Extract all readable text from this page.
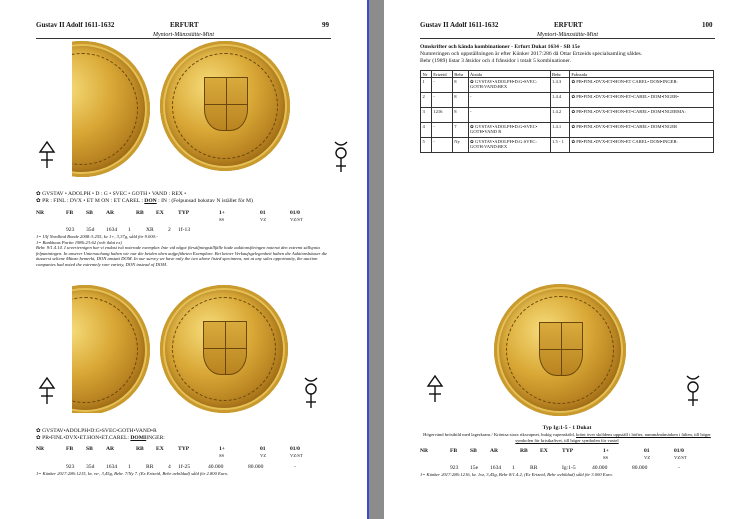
Gustav II Adolf 1611-1632	ERFURT	99
Myntort-Münzstätte-Mint
✿ GVSTAV • ADOLPH • D : G • SVEC • GOTH • VAND : REX •
✿ PR : FINL : DVX • ET M ON : ET CAREL : DON : IN : (Felpunsad bokstav N istället för M)
NR	FB SB AR	RB EX	TYP	1+	01	01/0
SS	VZ	VZ/ST
923 35d 1634 1	XR	2 1f-13
1= Ulf Nordlind Bonde 2008:3:255, kv 1+, 3,37g, såld för 9.000:-
1= Bankhaus Partin 1986:23:62 (ovb ildat ex)
Behr. 9/1.4.14. I severiernigen har vi endast två noterade exemplar. Inte vid något försäljningstillfälle hade auktionsföringen noterat den extremt sällsynta felpuntningen. In unserer Untersuchung haben wir nur die beiden oben aufgeführten Exemplare. Bei keiner Verkaufsgelegenheit haben die Auktionshäuser die äusserst seltene Münze bemerkt, DON anstatt DOM. In our survey we have only the two above listed specimens, not at any sales opportunity, the auction companies had noted the extremely rare variety, DON instead of DOM.
✿ GVSTAV•ADOLPH•D:G•SVEC•GOTH•VAND•R
✿ PR•FINL•DVX•ET.HON•ET.CAREL: DOMIINGER:
NR	FB SB AR	RB EX	TYP	1+	01	01/0
SS	VZ	VZ/ST
923 35d 1634 1	RR	4 1f-25	40.000	80.000	-
1= Künker 2017:286:1215, kv. vz-, 3,45g, Behr. 7/Ny 7. (Ex Ertzeid, Behr avbildad) såld för 2.800 Euro.
Gustav II Adolf 1611-1632	ERFURT	100
Myntort-Münzstätte-Mint
Omskrifter och kända kombinationer - Erfurt Dukat 1634 - SB 15e
Numreringen och uppställningen är efter Künker 2017:286 då Ottar Ertzeids specialsamling såldes.
Behr (1989) listar 3 åtsidor och 4 frånsidor i totalt 5 kombinationer.
Nr	Ertzeid	Behr	Åtsida	Behr	Frånsida
1	-	8	✿ GVSTAV•ADOLPH•D:G•SVEC: GOTH:VAND:REX	1.4.3	✿ PR•FINL•DVX•ET•HON•ET CAREL• DOM•INGER:
2	-	8	-	1.4.4	✿ PR•FINL•DVX•ET•HON•ET•CAREL• DOM•INGER•
3	1216	8	-	1.4.2	✿ PR•FINL•DVX•ET•HON•ET•CAREL• DOM•INGERMA:
4	-	7	✿ GVSTAV•ADOLPH•D:G•SVEC• GOTH•VAND R	1.4.1	✿ PR•FINL•DVX•ET•HON•ET•CAREL• DOM•INGER
5	-	Ny	✿ GVSTAV•ADOLPH•D:G:SVEC: GOTH:VAND:REX	1.5 - 1	✿ PR•FINL•DVX•ET•HON•ET CAREL• DOM•INGER:
Typ Ig:1-5 - 1 Dukat
Högervänd bröstbild med lagerkrans / Kröntsa stora riksvapnet, bukig vapensköld, krönt över sköldens uppställ i höfter, nummåmåmärken i fälten, till höger symbolen för kristkaftvet, till höger symbolen för vaxtel
NR	FB SB AR	RB EX	TYP	1+	01	01/0
SS	VZ	VZ/ST
923 15e 1634 1	RR	Ig:1-5	40.000	80.000	-
1= Künker 2017:286:1216, kv. 1vz, 3,45g, Behr 8/1.4.2, (Ex Ertzeid, Behr avbildad) såld för 3.000 Euro.
